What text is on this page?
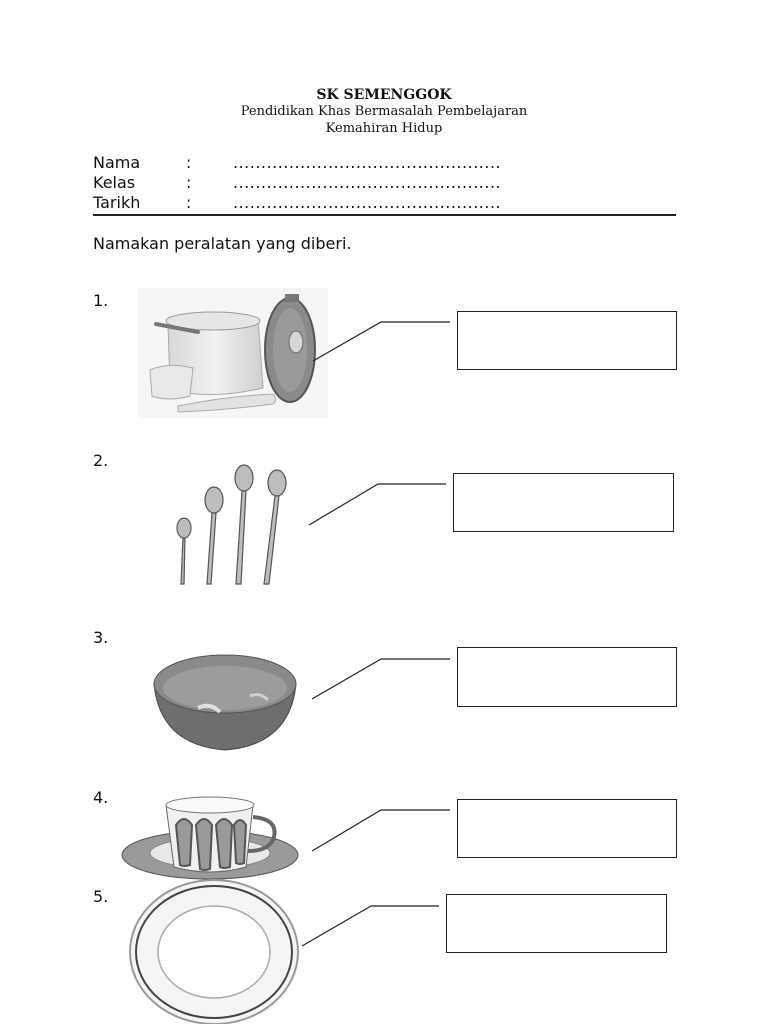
SK SEMENGGOK
Pendidikan Khas Bermasalah Pembelajaran
Kemahiran Hidup
Nama	:	................................................
Kelas	:	................................................
Tarikh	:	................................................
Namakan peralatan yang diberi.
1.
2.
3.
4.
5.
